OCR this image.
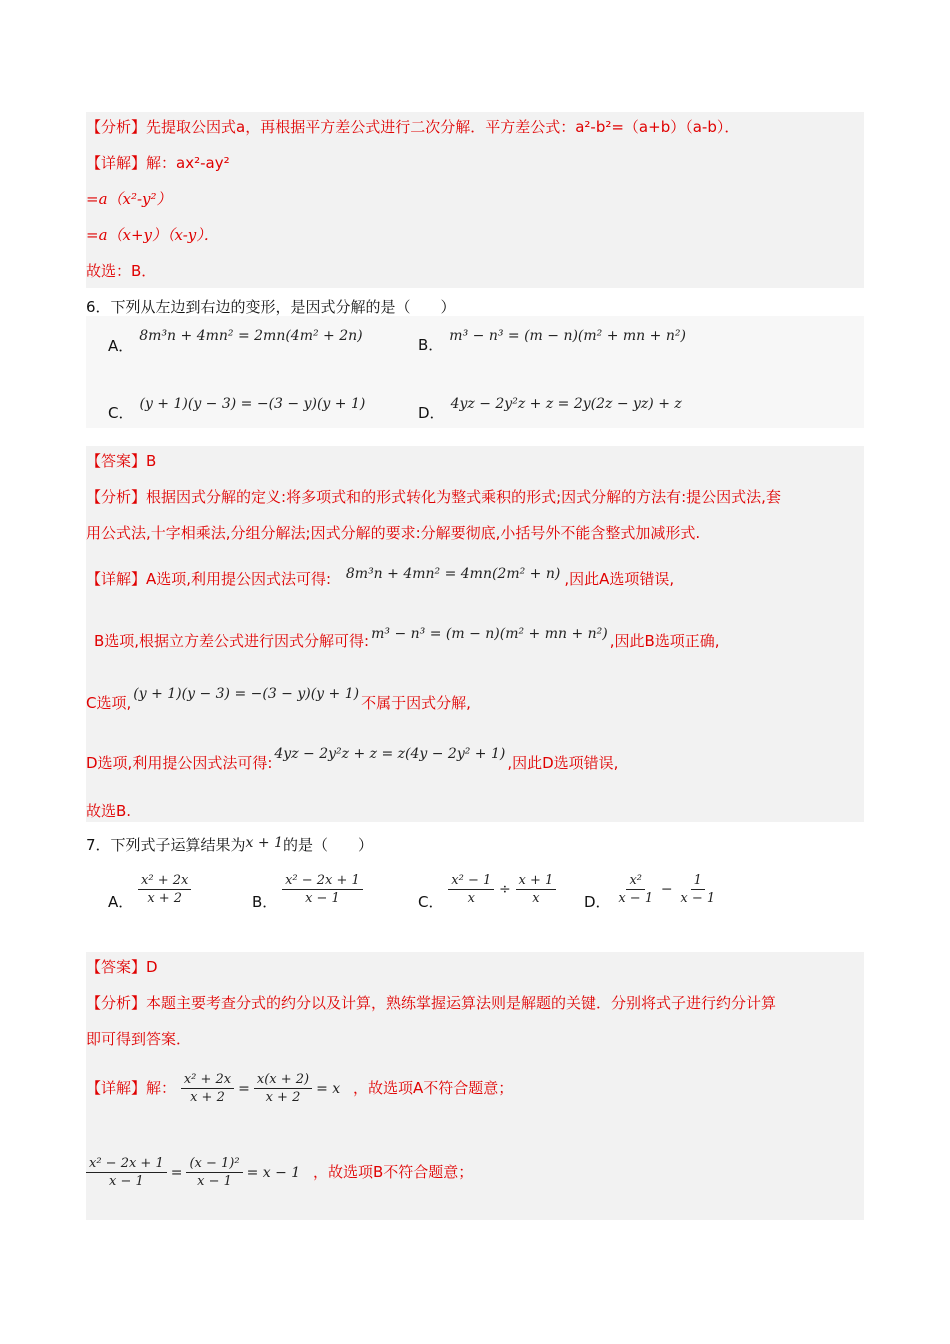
【分析】先提取公因式a，再根据平方差公式进行二次分解．平方差公式：a²-b²=（a+b）（a-b）．
【详解】解：ax²-ay²
=a（x²-y²）
=a（x+y）（x-y）．
故选：B．
6．下列从左边到右边的变形，是因式分解的是（　　）
A．8m³n + 4mn² = 2mn(4m² + 2n)	B． m³ − n³ = (m − n)(m² + mn + n²)
C． (y + 1)(y − 3) = −(3 − y)(y + 1)	D． 4yz − 2y²z + z = 2y(2z − yz) + z
【答案】B
【分析】根据因式分解的定义:将多项式和的形式转化为整式乘积的形式;因式分解的方法有:提公因式法,套
用公式法,十字相乘法,分组分解法;因式分解的要求:分解要彻底,小括号外不能含整式加减形式.
【详解】A选项,利用提公因式法可得: 8m³n + 4mn² = 4mn(2m² + n) ,因此A选项错误,
B选项,根据立方差公式进行因式分解可得: m³ − n³ = (m − n)(m² + mn + n²) ,因此B选项正确,
C选项, (y + 1)(y − 3) = −(3 − y)(y + 1) 不属于因式分解,
D选项,利用提公因式法可得: 4yz − 2y²z + z = z(4y − 2y² + 1) ,因此D选项错误,
故选B.
7．下列式子运算结果为x + 1的是（　　）
A． $\frac{\text{x² + 2x}}{x + 2}$	B． $\frac{\text{x² − 2x + 1}}{x - 1}$	C． $\frac{\text{x² − 1}}{x} \div \frac{x + 1}{x}$ D． $\frac{\text{x²}}{x - 1} - \frac{1}{x - 1}$
【答案】D
【分析】本题主要考查分式的约分以及计算，熟练掌握运算法则是解题的关键．分别将式子进行约分计算
即可得到答案．
【详解】解： $\frac{\text{x² + 2x}}{x + 2} = \frac{x(x + 2)}{x + 2} = x$ ，故选项A不符合题意；
$\frac{\text{x² − 2x + 1}}{x - 1} = \frac{\text{(x − 1)²}}{x - 1} = x - 1$ ，故选项B不符合题意；
